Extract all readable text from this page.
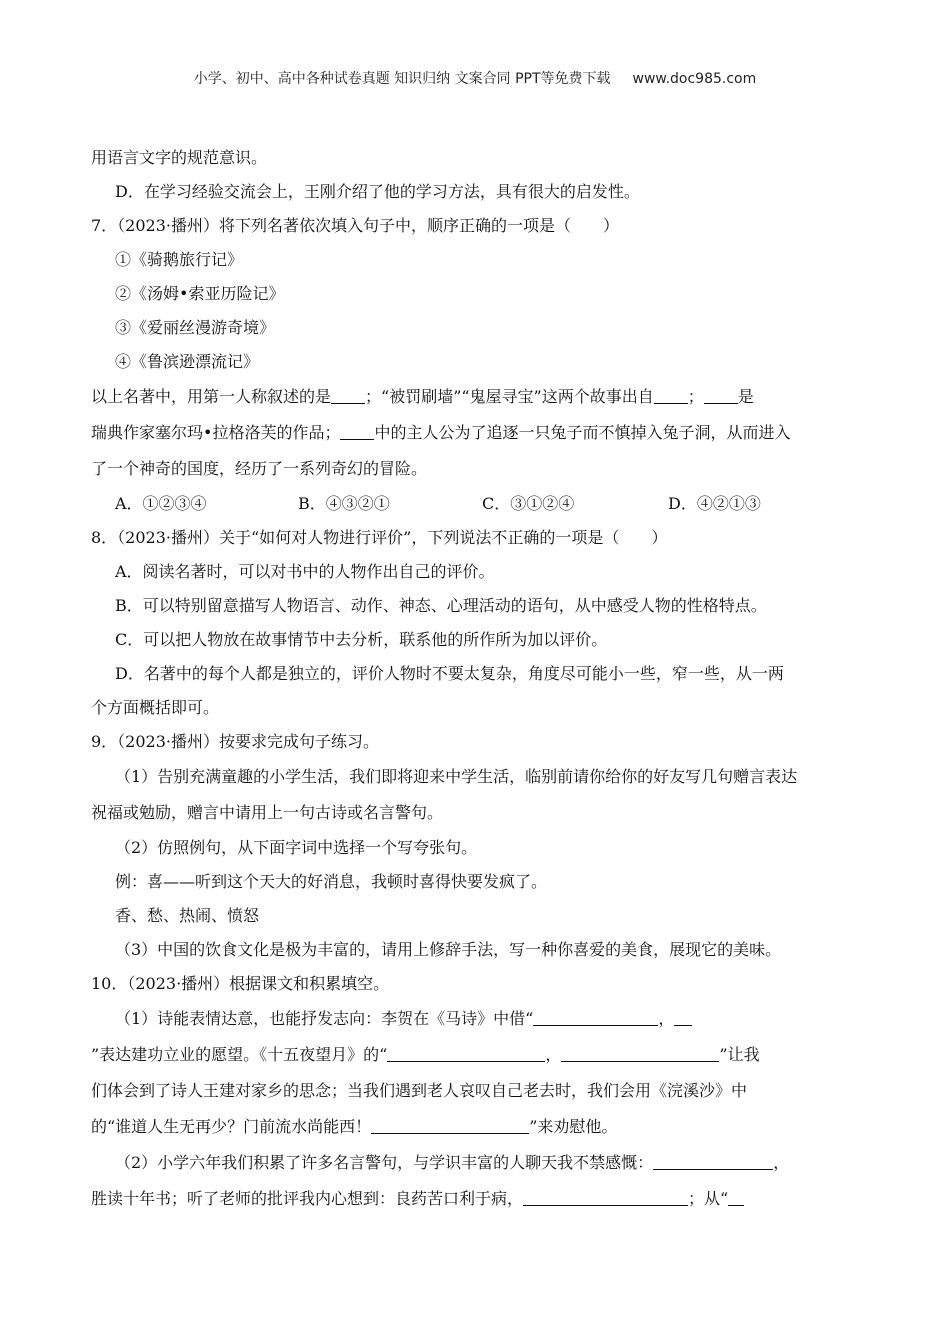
小学、初中、高中各种试卷真题 知识归纳 文案合同 PPT等免费下载 www.doc985.com
用语言文字的规范意识。
D．在学习经验交流会上，王刚介绍了他的学习方法，具有很大的启发性。
7．（2023·播州）将下列名著依次填入句子中，顺序正确的一项是（　　）
①《骑鹅旅行记》
②《汤姆•索亚历险记》
③《爱丽丝漫游奇境》
④《鲁滨逊漂流记》
以上名著中，用第一人称叙述的是 ；“被罚刷墙”“鬼屋寻宝”这两个故事出自 ； 是
瑞典作家塞尔玛•拉格洛芙的作品； 中的主人公为了追逐一只兔子而不慎掉入兔子洞，从而进入
了一个神奇的国度，经历了一系列奇幻的冒险。
A．①②③④	B．④③②①	C．③①②④	D．④②①③
8．（2023·播州）关于“如何对人物进行评价”，下列说法不正确的一项是（　　）
A．阅读名著时，可以对书中的人物作出自己的评价。
B．可以特别留意描写人物语言、动作、神态、心理活动的语句，从中感受人物的性格特点。
C．可以把人物放在故事情节中去分析，联系他的所作所为加以评价。
D．名著中的每个人都是独立的，评价人物时不要太复杂，角度尽可能小一些，窄一些，从一两
个方面概括即可。
9．（2023·播州）按要求完成句子练习。
（1）告别充满童趣的小学生活，我们即将迎来中学生活，临别前请你给你的好友写几句赠言表达
祝福或勉励，赠言中请用上一句古诗或名言警句。
（2）仿照例句，从下面字词中选择一个写夸张句。
例：喜——听到这个天大的好消息，我顿时喜得快要发疯了。
香、愁、热闹、愤怒
（3）中国的饮食文化是极为丰富的，请用上修辞手法，写一种你喜爱的美食，展现它的美味。
10．（2023·播州）根据课文和积累填空。
（1）诗能表情达意，也能抒发志向：李贺在《马诗》中借“	，
”表达建功立业的愿望。《十五夜望月》的“	，	”让我
们体会到了诗人王建对家乡的思念；当我们遇到老人哀叹自己老去时，我们会用《浣溪沙》中
的“谁道人生无再少？门前流水尚能西！	”来劝慰他。
（2）小学六年我们积累了许多名言警句，与学识丰富的人聊天我不禁感慨：	，
胜读十年书；听了老师的批评我内心想到：良药苦口利于病，	；从“
